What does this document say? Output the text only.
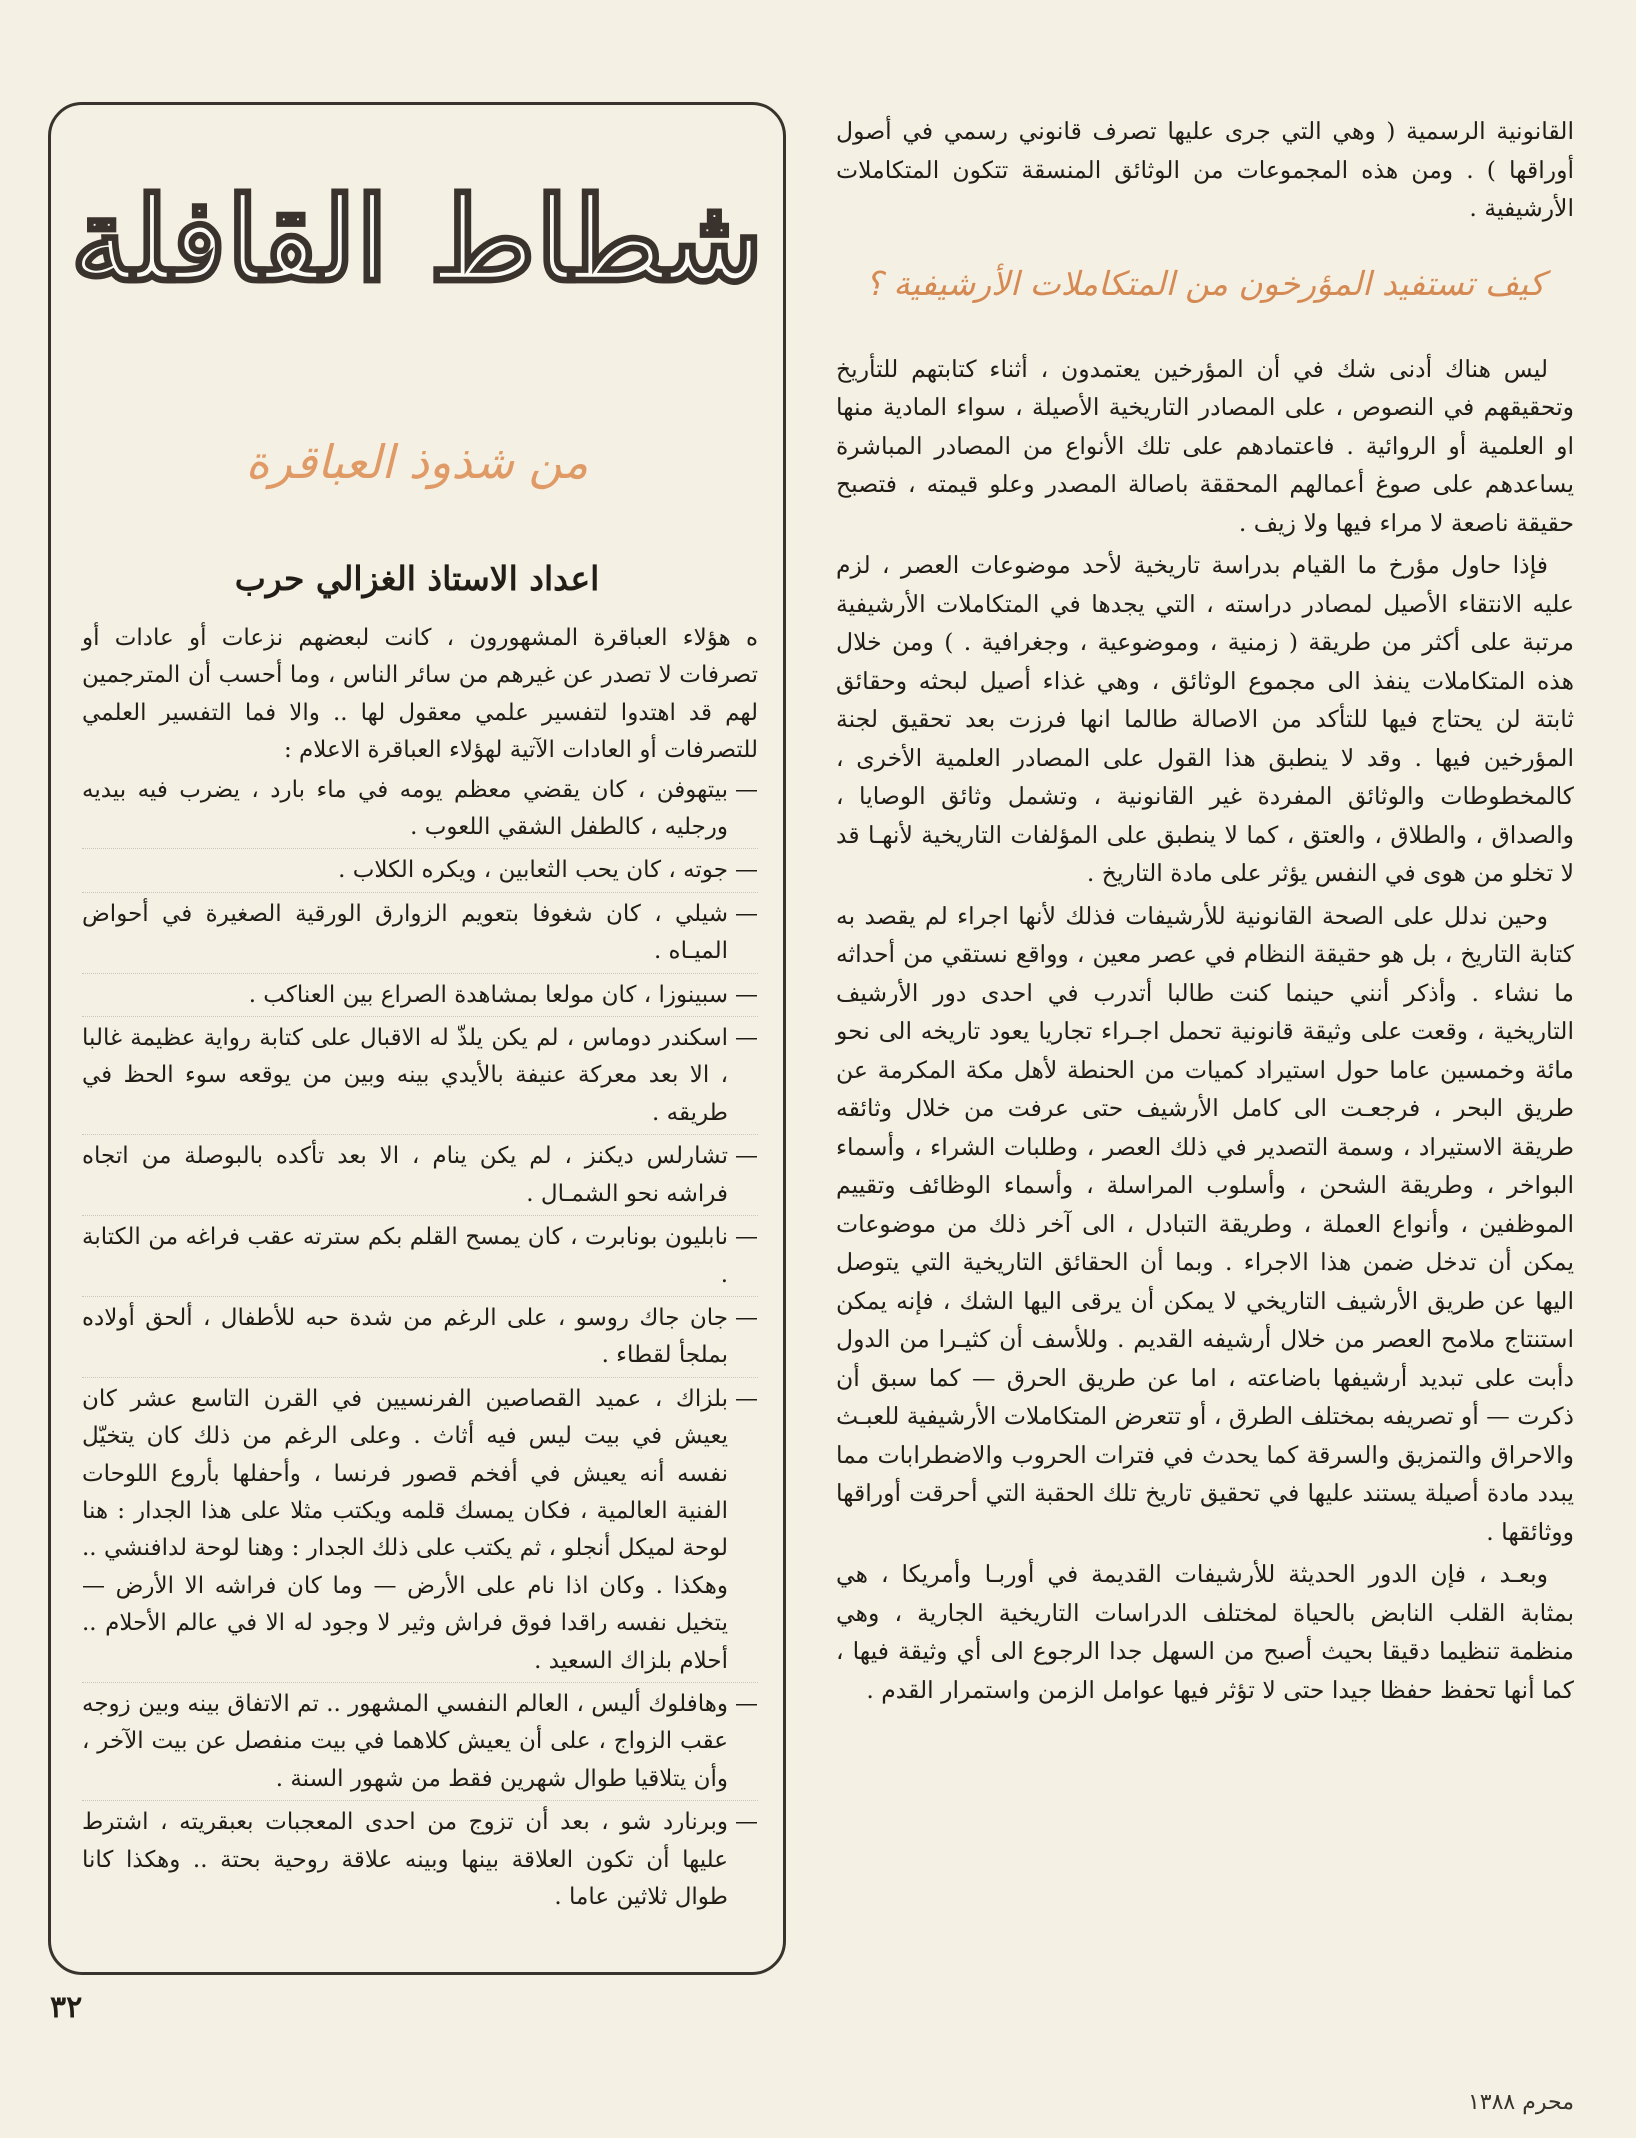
القانونية الرسمية ( وهي التي جرى عليها تصرف قانوني رسمي في أصول أوراقها ) . ومن هذه المجموعات من الوثائق المنسقة تتكون المتكاملات الأرشيفية .

كيف تستفيد المؤرخون من المتكاملات الأرشيفية ؟

ليس هناك أدنى شك في أن المؤرخين يعتمدون ، أثناء كتابتهم للتأريخ وتحقيقهم في النصوص ، على المصادر التاريخية الأصيلة ، سواء المادية منها او العلمية أو الروائية . فاعتمادهم على تلك الأنواع من المصادر المباشرة يساعدهم على صوغ أعمالهم المحققة باصالة المصدر وعلو قيمته ، فتصبح حقيقة ناصعة لا مراء فيها ولا زيف .

فإذا حاول مؤرخ ما القيام بدراسة تاريخية لأحد موضوعات العصر ، لزم عليه الانتقاء الأصيل لمصادر دراسته ، التي يجدها في المتكاملات الأرشيفية مرتبة على أكثر من طريقة ( زمنية ، وموضوعية ، وجغرافية . ) ومن خلال هذه المتكاملات ينفذ الى مجموع الوثائق ، وهي غذاء أصيل لبحثه وحقائق ثابتة لن يحتاج فيها للتأكد من الاصالة طالما انها فرزت بعد تحقيق لجنة المؤرخين فيها . وقد لا ينطبق هذا القول على المصادر العلمية الأخرى ، كالمخطوطات والوثائق المفردة غير القانونية ، وتشمل وثائق الوصايا ، والصداق ، والطلاق ، والعتق ، كما لا ينطبق على المؤلفات التاريخية لأنهـا قد لا تخلو من هوى في النفس يؤثر على مادة التاريخ .

وحين ندلل على الصحة القانونية للأرشيفات فذلك لأنها اجراء لم يقصد به كتابة التاريخ ، بل هو حقيقة النظام في عصر معين ، وواقع نستقي من أحداثه ما نشاء . وأذكر أنني حينما كنت طالبا أتدرب في احدى دور الأرشيف التاريخية ، وقعت على وثيقة قانونية تحمل اجـراء تجاريا يعود تاريخه الى نحو مائة وخمسين عاما حول استيراد كميات من الحنطة لأهل مكة المكرمة عن طريق البحر ، فرجعـت الى كامل الأرشيف حتى عرفت من خلال وثائقه طريقة الاستيراد ، وسمة التصدير في ذلك العصر ، وطلبات الشراء ، وأسماء البواخر ، وطريقة الشحن ، وأسلوب المراسلة ، وأسماء الوظائف وتقييم الموظفين ، وأنواع العملة ، وطريقة التبادل ، الى آخر ذلك من موضوعات يمكن أن تدخل ضمن هذا الاجراء . وبما أن الحقائق التاريخية التي يتوصل اليها عن طريق الأرشيف التاريخي لا يمكن أن يرقى اليها الشك ، فإنه يمكن استنتاج ملامح العصر من خلال أرشيفه القديم . وللأسف أن كثيـرا من الدول دأبت على تبديد أرشيفها باضاعته ، اما عن طريق الحرق — كما سبق أن ذكرت — أو تصريفه بمختلف الطرق ، أو تتعرض المتكاملات الأرشيفية للعبـث والاحراق والتمزيق والسرقة كما يحدث في فترات الحروب والاضطرابات مما يبدد مادة أصيلة يستند عليها في تحقيق تاريخ تلك الحقبة التي أحرقت أوراقها ووثائقها .

وبعـد ، فإن الدور الحديثة للأرشيفات القديمة في أوربـا وأمريكا ، هي بمثابة القلب النابض بالحياة لمختلف الدراسات التاريخية الجارية ، وهي منظمة تنظيما دقيقا بحيث أصبح من السهل جدا الرجوع الى أي وثيقة فيها ، كما أنها تحفظ حفظا جيدا حتى لا تؤثر فيها عوامل الزمن واستمرار القدم .

شطاط القافلة
من شذوذ العباقرة
اعداد الاستاذ الغزالي حرب

ه هؤلاء العباقرة المشهورون ، كانت لبعضهم نزعات أو عادات أو تصرفات لا تصدر عن غيرهم من سائر الناس ، وما أحسب أن المترجمين لهم قد اهتدوا لتفسير علمي معقول لها .. والا فما التفسير العلمي للتصرفات أو العادات الآتية لهؤلاء العباقرة الاعلام :

—
بيتهوفن ، كان يقضي معظم يومه في ماء بارد ، يضرب فيه بيديه ورجليه ، كالطفل الشقي اللعوب .
—
جوته ، كان يحب الثعابين ، ويكره الكلاب .
—
شيلي ، كان شغوفا بتعويم الزوارق الورقية الصغيرة في أحواض الميـاه .
—
سبينوزا ، كان مولعا بمشاهدة الصراع بين العناكب .
—
اسكندر دوماس ، لم يكن يلذّ له الاقبال على كتابة رواية عظيمة غالبا ، الا بعد معركة عنيفة بالأيدي بينه وبين من يوقعه سوء الحظ في طريقه .
—
تشارلس ديكنز ، لم يكن ينام ، الا بعد تأكده بالبوصلة من اتجاه فراشه نحو الشمـال .
—
نابليون بونابرت ، كان يمسح القلم بكم سترته عقب فراغه من الكتابة .
—
جان جاك روسو ، على الرغم من شدة حبه للأطفال ، ألحق أولاده بملجأ لقطاء .
—
بلزاك ، عميد القصاصين الفرنسيين في القرن التاسع عشر كان يعيش في بيت ليس فيه أثاث . وعلى الرغم من ذلك كان يتخيّل نفسه أنه يعيش في أفخم قصور فرنسا ، وأحفلها بأروع اللوحات الفنية العالمية ، فكان يمسك قلمه ويكتب مثلا على هذا الجدار : هنا لوحة لميكل أنجلو ، ثم يكتب على ذلك الجدار : وهنا لوحة لدافنشي .. وهكذا . وكان اذا نام على الأرض — وما كان فراشه الا الأرض — يتخيل نفسه راقدا فوق فراش وثير لا وجود له الا في عالم الأحلام .. أحلام بلزاك السعيد .
—
وهافلوك أليس ، العالم النفسي المشهور .. تم الاتفاق بينه وبين زوجه عقب الزواج ، على أن يعيش كلاهما في بيت منفصل عن بيت الآخر ، وأن يتلاقيا طوال شهرين فقط من شهور السنة .
—
وبرنارد شو ، بعد أن تزوج من احدى المعجبات بعبقريته ، اشترط عليها أن تكون العلاقة بينها وبينه علاقة روحية بحتة .. وهكذا كانا طوال ثلاثين عاما .
٣٢
محرم ١٣٨٨
